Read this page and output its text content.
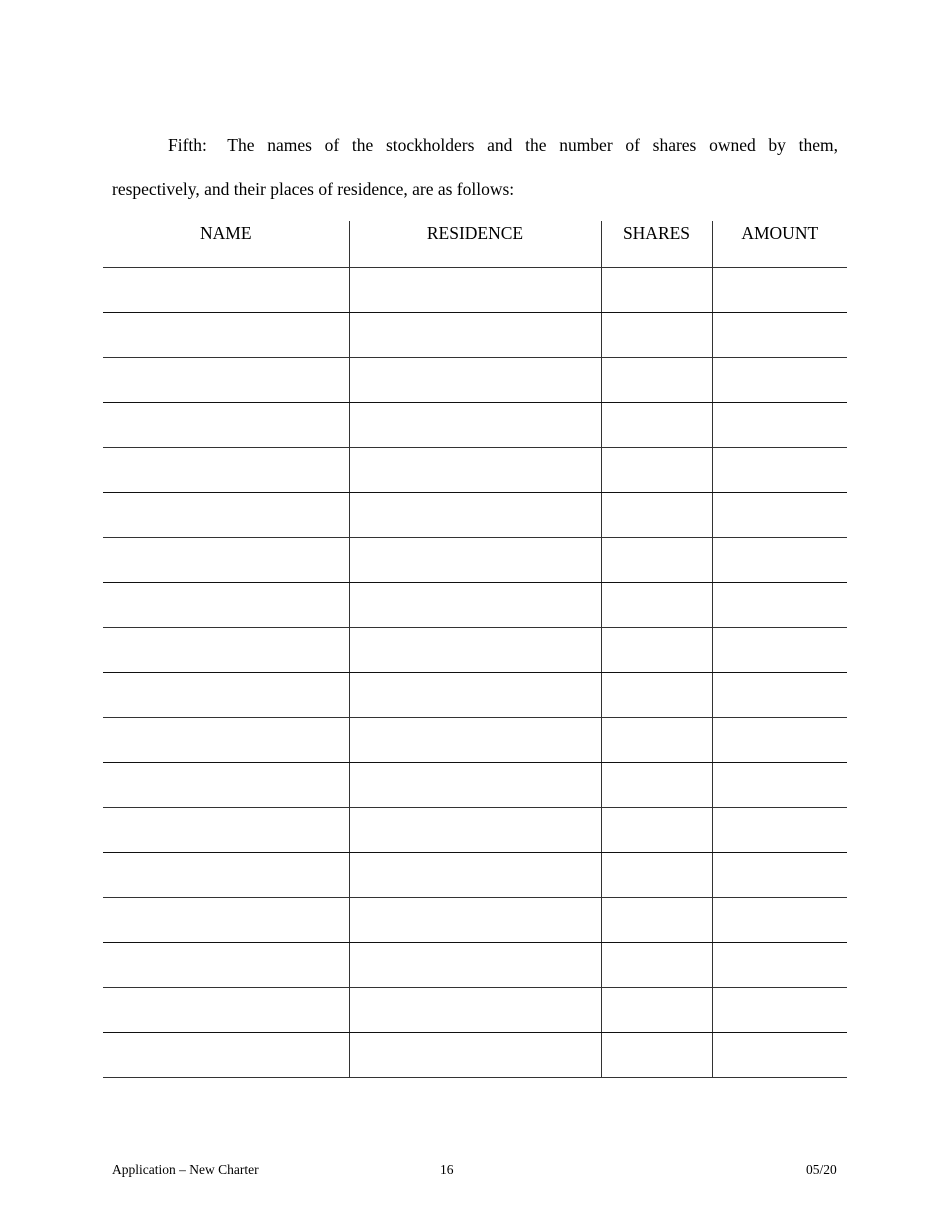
Fifth: The names of the stockholders and the number of shares owned by them,
respectively, and their places of residence, are as follows:
NAME	RESIDENCE	SHARES	AMOUNT

Application – New Charter	16	05/20
